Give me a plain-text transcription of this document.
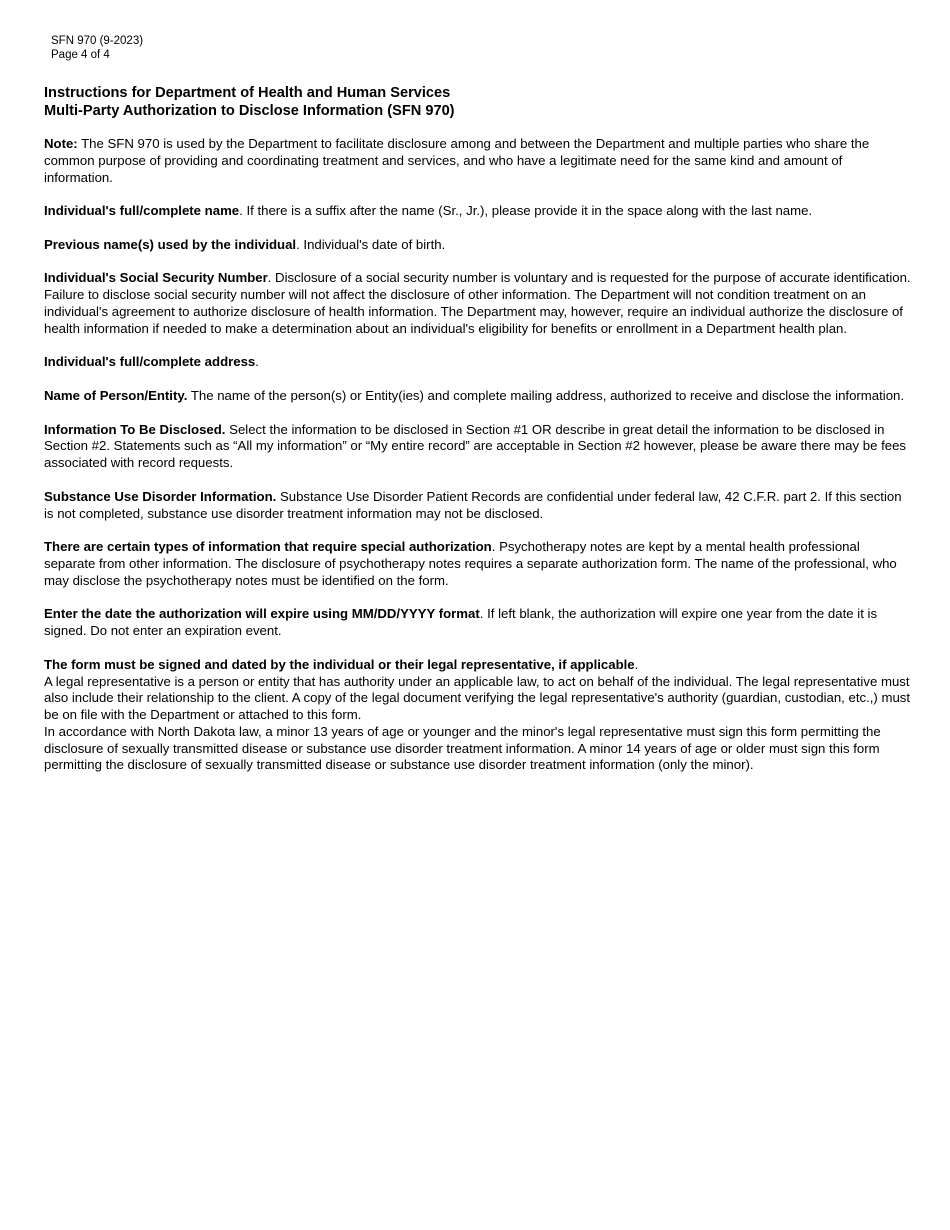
SFN 970 (9-2023)
Page 4 of 4
Instructions for Department of Health and Human Services
Multi-Party Authorization to Disclose Information (SFN 970)

Note: The SFN 970 is used by the Department to facilitate disclosure among and between the Department and multiple parties who share the common purpose of providing and coordinating treatment and services, and who have a legitimate need for the same kind and amount of information.

Individual's full/complete name. If there is a suffix after the name (Sr., Jr.), please provide it in the space along with the last name.

Previous name(s) used by the individual. Individual's date of birth.

Individual's Social Security Number. Disclosure of a social security number is voluntary and is requested for the purpose of accurate identification. Failure to disclose social security number will not affect the disclosure of other information. The Department will not condition treatment on an individual's agreement to authorize disclosure of health information. The Department may, however, require an individual authorize the disclosure of health information if needed to make a determination about an individual's eligibility for benefits or enrollment in a Department health plan.

Individual's full/complete address.

Name of Person/Entity. The name of the person(s) or Entity(ies) and complete mailing address, authorized to receive and disclose the information.

Information To Be Disclosed. Select the information to be disclosed in Section #1 OR describe in great detail the information to be disclosed in Section #2. Statements such as “All my information” or “My entire record” are acceptable in Section #2 however, please be aware there may be fees associated with record requests.

Substance Use Disorder Information. Substance Use Disorder Patient Records are confidential under federal law, 42 C.F.R. part 2. If this section is not completed, substance use disorder treatment information may not be disclosed.

There are certain types of information that require special authorization. Psychotherapy notes are kept by a mental health professional separate from other information. The disclosure of psychotherapy notes requires a separate authorization form. The name of the professional, who may disclose the psychotherapy notes must be identified on the form.

Enter the date the authorization will expire using MM/DD/YYYY format. If left blank, the authorization will expire one year from the date it is signed. Do not enter an expiration event.

The form must be signed and dated by the individual or their legal representative, if applicable.

A legal representative is a person or entity that has authority under an applicable law, to act on behalf of the individual. The legal representative must also include their relationship to the client. A copy of the legal document verifying the legal representative's authority (guardian, custodian, etc.,) must be on file with the Department or attached to this form.

In accordance with North Dakota law, a minor 13 years of age or younger and the minor's legal representative must sign this form permitting the disclosure of sexually transmitted disease or substance use disorder treatment information. A minor 14 years of age or older must sign this form permitting the disclosure of sexually transmitted disease or substance use disorder treatment information (only the minor).
